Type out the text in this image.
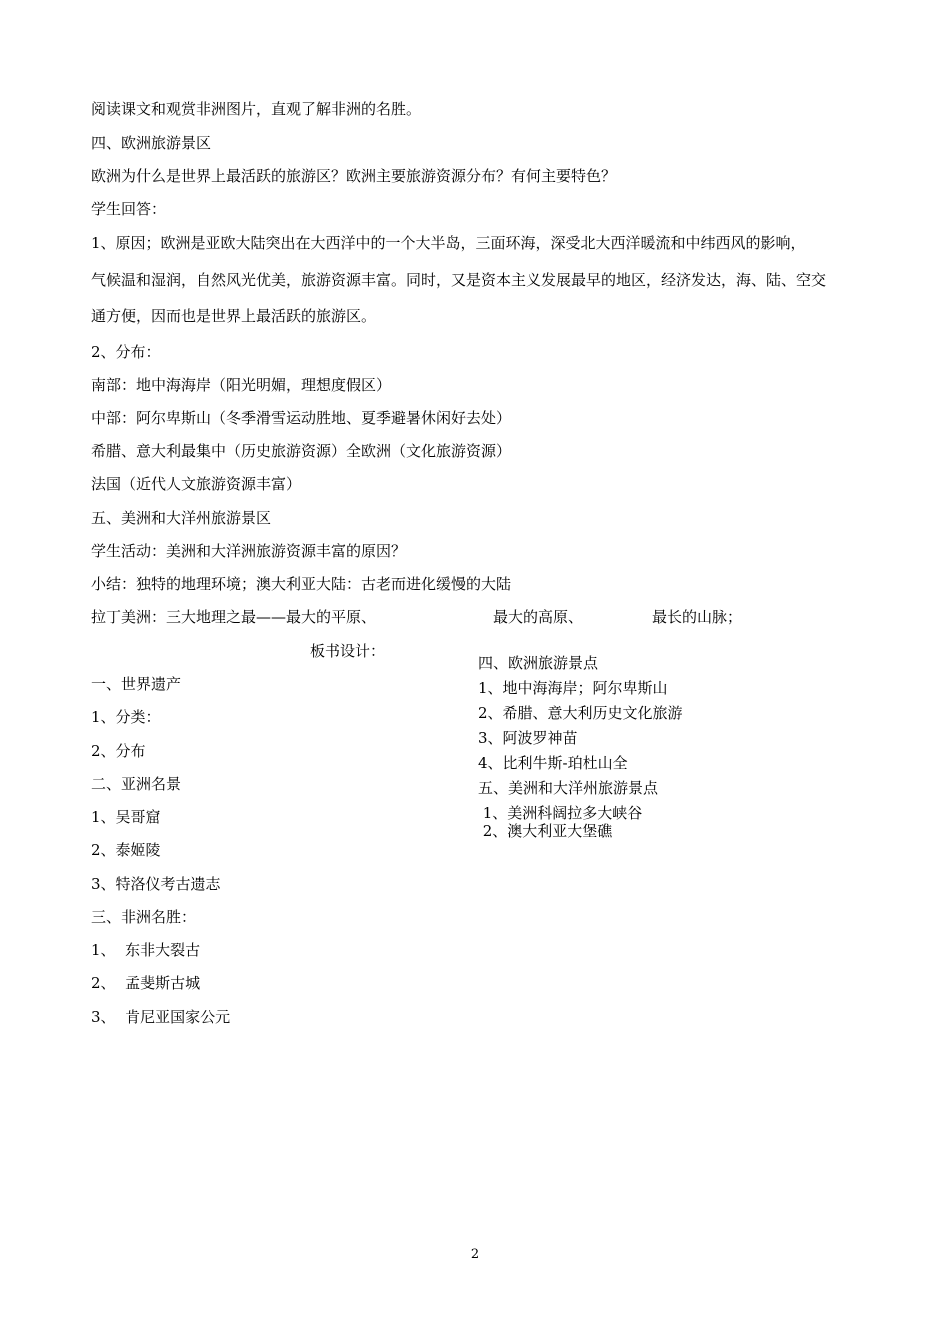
阅读课文和观赏非洲图片，直观了解非洲的名胜。
四、欧洲旅游景区
欧洲为什么是世界上最活跃的旅游区？欧洲主要旅游资源分布？有何主要特色？
学生回答：
1、原因；欧洲是亚欧大陆突出在大西洋中的一个大半岛，三面环海，深受北大西洋暖流和中纬西风的影响，
气候温和湿润，自然风光优美，旅游资源丰富。同时，又是资本主义发展最早的地区，经济发达，海、陆、空交
通方便，因而也是世界上最活跃的旅游区。
2、分布：
南部：地中海海岸（阳光明媚，理想度假区）
中部：阿尔卑斯山（冬季滑雪运动胜地、夏季避暑休闲好去处）
希腊、意大利最集中（历史旅游资源）全欧洲（文化旅游资源）
法国（近代人文旅游资源丰富）
五、美洲和大洋州旅游景区
学生活动：美洲和大洋洲旅游资源丰富的原因？
小结：独特的地理环境；澳大利亚大陆：古老而进化缓慢的大陆
拉丁美洲：三大地理之最——最大的平原、	最大的高原、	最长的山脉；
板书设计：
一、世界遗产
1、分类：
2、分布
二、亚洲名景
1、吴哥窟
2、泰姬陵
3、特洛仪考古遗志
三、非洲名胜：
1、  东非大裂古
2、  孟斐斯古城
3、  肯尼亚国家公元
四、欧洲旅游景点
1、地中海海岸；阿尔卑斯山
2、希腊、意大利历史文化旅游
3、阿波罗神苗
4、比利牛斯-珀杜山全
五、美洲和大洋州旅游景点
1、美洲科阔拉多大峡谷
2、澳大利亚大堡礁
2
